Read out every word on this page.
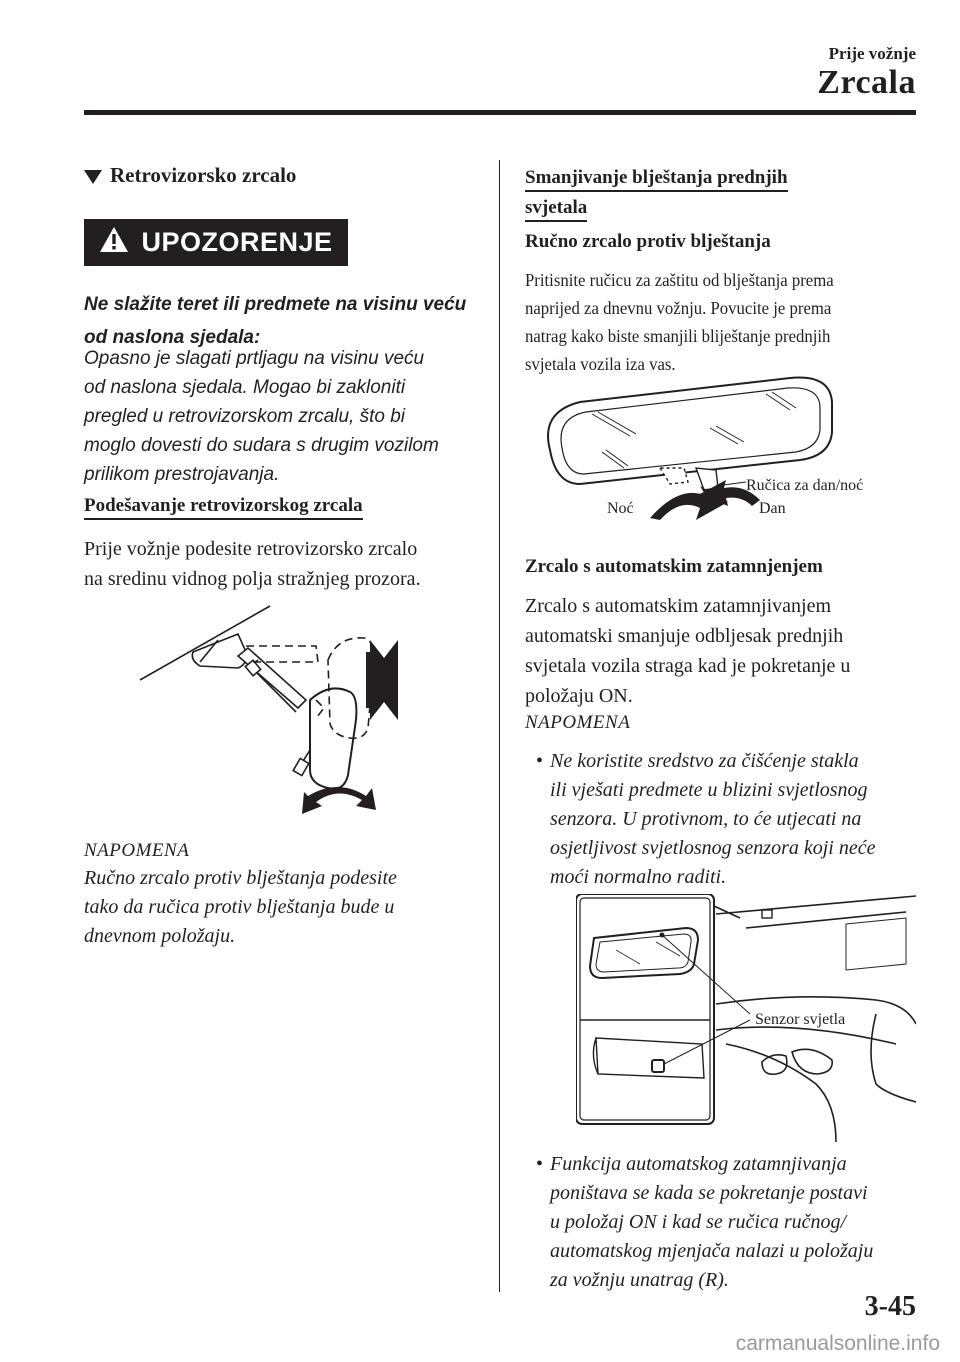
Prije vožnje
Zrcala
Retrovizorsko zrcalo
UPOZORENJE
Ne slažite teret ili predmete na visinu veću
od naslona sjedala:
Opasno je slagati prtljagu na visinu veću
od naslona sjedala. Mogao bi zakloniti
pregled u retrovizorskom zrcalu, što bi
moglo dovesti do sudara s drugim vozilom
prilikom prestrojavanja.
Podešavanje retrovizorskog zrcala
Prije vožnje podesite retrovizorsko zrcalo
na sredinu vidnog polja stražnjeg prozora.
NAPOMENA
Ručno zrcalo protiv blještanja podesite
tako da ručica protiv blještanja bude u
dnevnom položaju.
Smanjivanje blještanja prednjih
svjetala
Ručno zrcalo protiv blještanja
Pritisnite ručicu za zaštitu od blještanja prema
naprijed za dnevnu vožnju. Povucite je prema
natrag kako biste smanjili bliještanje prednjih
svjetala vozila iza vas.
Ručica za dan/noć
Noć	Dan
Zrcalo s automatskim zatamnjenjem
Zrcalo s automatskim zatamnjivanjem
automatski smanjuje odbljesak prednjih
svjetala vozila straga kad je pokretanje u
položaju ON.
NAPOMENA
• Ne koristite sredstvo za čišćenje stakla
ili vješati predmete u blizini svjetlosnog
senzora. U protivnom, to će utjecati na
osjetljivost svjetlosnog senzora koji neće
moći normalno raditi.
Senzor svjetla
• Funkcija automatskog zatamnjivanja
poništava se kada se pokretanje postavi
u položaj ON i kad se ručica ručnog/
automatskog mjenjača nalazi u položaju
za vožnju unatrag (R).
3-45
carmanualsonline.info
